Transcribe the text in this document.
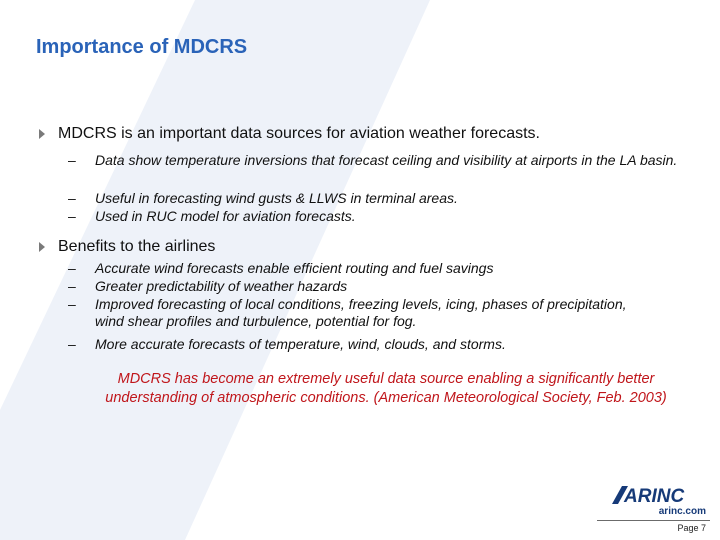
Importance of MDCRS
MDCRS is an important data sources for aviation weather forecasts.
– Data show temperature inversions that forecast ceiling and visibility at airports in the LA basin.
– Useful in forecasting wind gusts & LLWS in terminal areas.
– Used in RUC model for aviation forecasts.
Benefits to the airlines
– Accurate wind forecasts enable efficient routing and fuel savings
– Greater predictability of weather hazards
– Improved forecasting of local conditions, freezing levels, icing, phases of precipitation, wind shear profiles and turbulence, potential for fog.
– More accurate forecasts of temperature, wind, clouds, and storms.
MDCRS has become an extremely useful data source enabling a significantly better understanding of atmospheric conditions. (American Meteorological Society, Feb. 2003)
ARINC
arinc.com
Page 7
